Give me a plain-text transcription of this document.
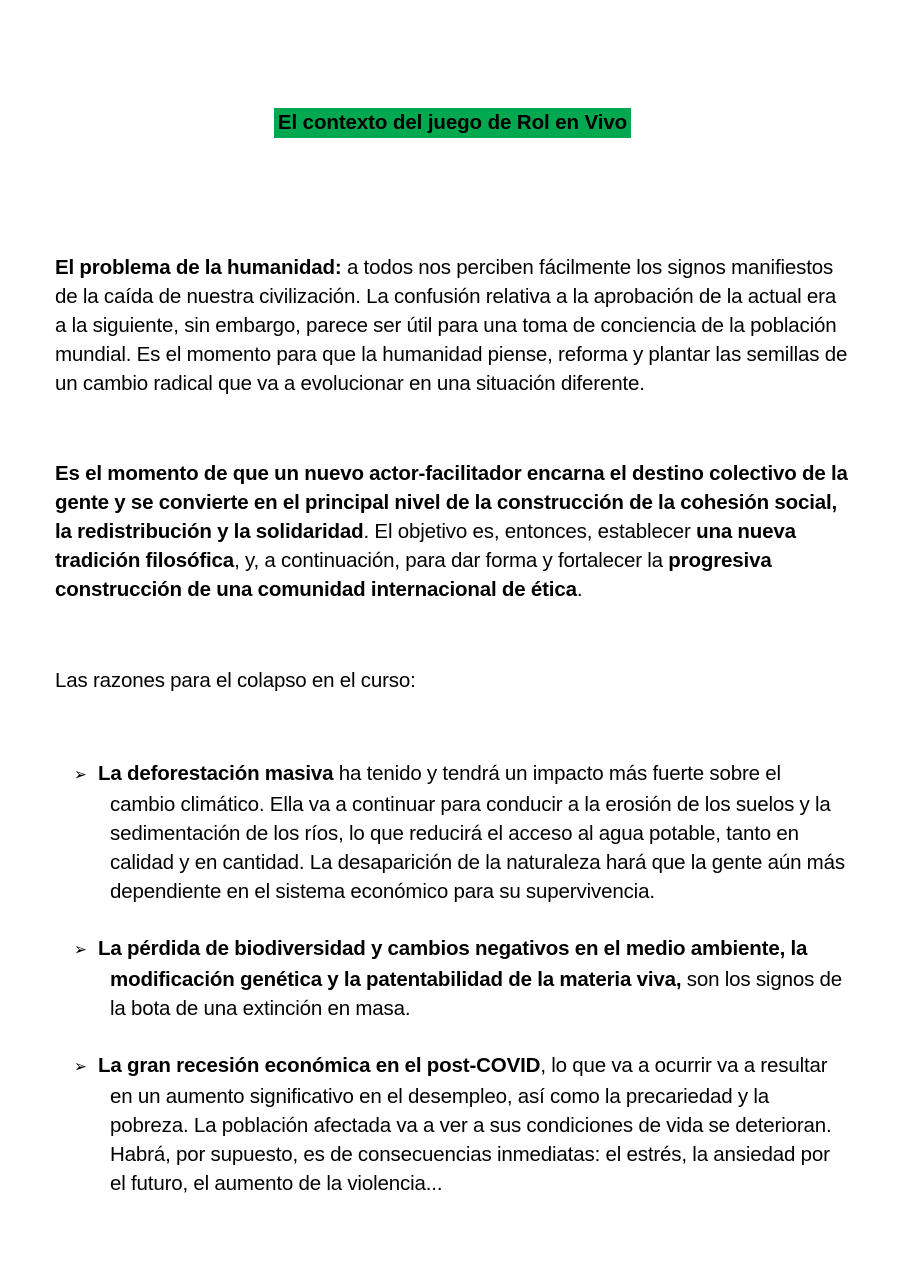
El contexto del juego de Rol en Vivo

El problema de la humanidad: a todos nos perciben fácilmente los signos manifiestos de la caída de nuestra civilización. La confusión relativa a la aprobación de la actual era a la siguiente, sin embargo, parece ser útil para una toma de conciencia de la población mundial. Es el momento para que la humanidad piense, reforma y plantar las semillas de un cambio radical que va a evolucionar en una situación diferente.

Es el momento de que un nuevo actor-facilitador encarna el destino colectivo de la gente y se convierte en el principal nivel de la construcción de la cohesión social, la redistribución y la solidaridad. El objetivo es, entonces, establecer una nueva tradición filosófica, y, a continuación, para dar forma y fortalecer la progresiva construcción de una comunidad internacional de ética.

Las razones para el colapso en el curso:

➢ La deforestación masiva ha tenido y tendrá un impacto más fuerte sobre el cambio climático. Ella va a continuar para conducir a la erosión de los suelos y la sedimentación de los ríos, lo que reducirá el acceso al agua potable, tanto en calidad y en cantidad. La desaparición de la naturaleza hará que la gente aún más dependiente en el sistema económico para su supervivencia.
➢ La pérdida de biodiversidad y cambios negativos en el medio ambiente, la modificación genética y la patentabilidad de la materia viva, son los signos de la bota de una extinción en masa.
➢ La gran recesión económica en el post-COVID, lo que va a ocurrir va a resultar en un aumento significativo en el desempleo, así como la precariedad y la pobreza. La población afectada va a ver a sus condiciones de vida se deterioran. Habrá, por supuesto, es de consecuencias inmediatas: el estrés, la ansiedad por el futuro, el aumento de la violencia...
